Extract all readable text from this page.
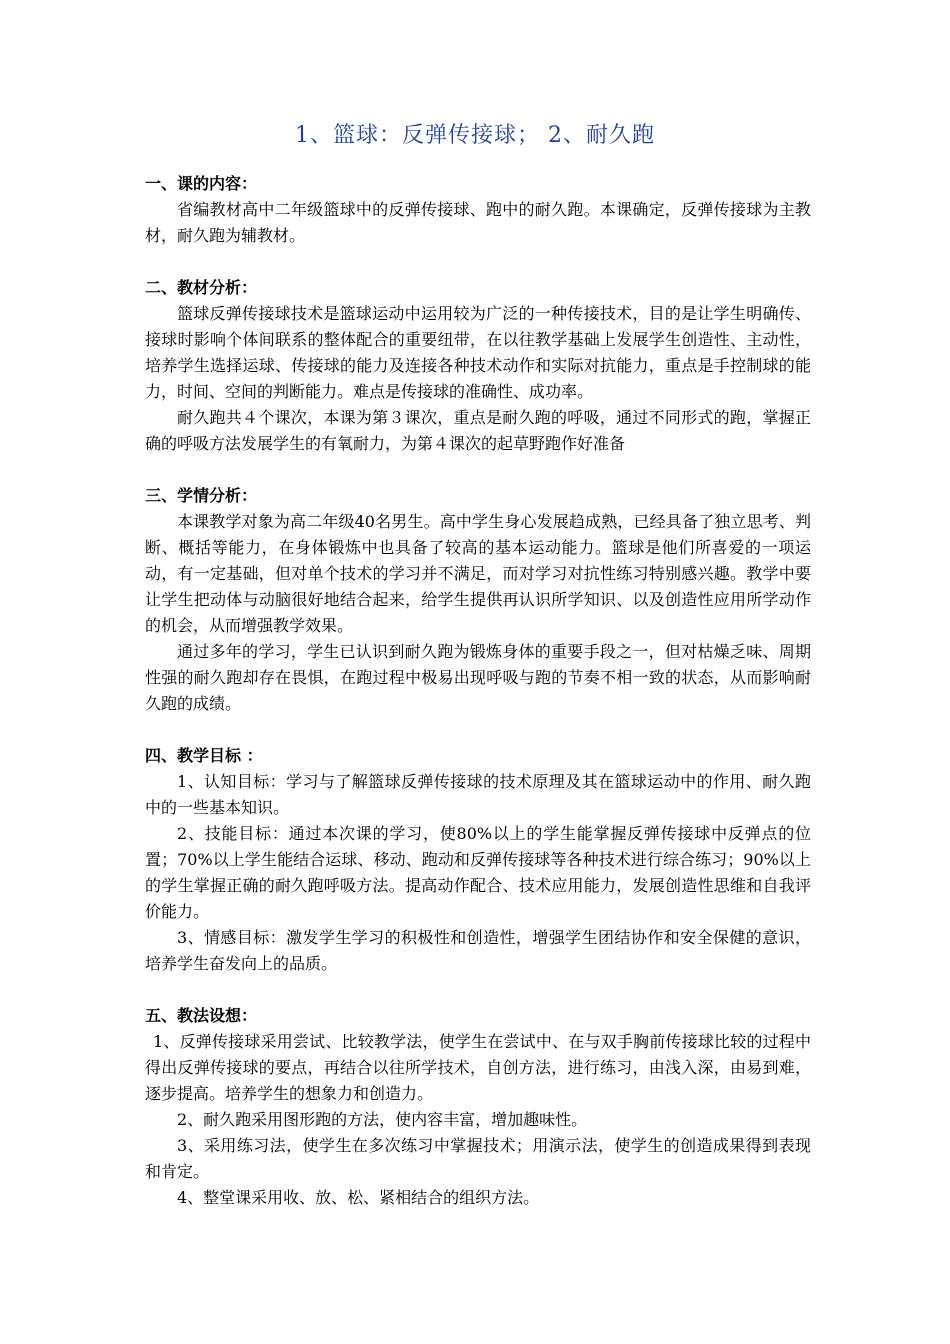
1、篮球：反弹传接球； 2、耐久跑
一、课的内容：

省编教材高中二年级篮球中的反弹传接球、跑中的耐久跑。本课确定，反弹传接球为主教材，耐久跑为辅教材。

二、教材分析：

篮球反弹传接球技术是篮球运动中运用较为广泛的一种传接技术，目的是让学生明确传、接球时影响个体间联系的整体配合的重要纽带，在以往教学基础上发展学生创造性、主动性，培养学生选择运球、传接球的能力及连接各种技术动作和实际对抗能力，重点是手控制球的能力，时间、空间的判断能力。难点是传接球的准确性、成功率。

耐久跑共４个课次，本课为第３课次，重点是耐久跑的呼吸，通过不同形式的跑，掌握正确的呼吸方法发展学生的有氧耐力，为第４课次的起草野跑作好准备

三、学情分析：

本课教学对象为高二年级40名男生。高中学生身心发展趋成熟，已经具备了独立思考、判断、概括等能力，在身体锻炼中也具备了较高的基本运动能力。篮球是他们所喜爱的一项运动，有一定基础，但对单个技术的学习并不满足，而对学习对抗性练习特别感兴趣。教学中要让学生把动体与动脑很好地结合起来，给学生提供再认识所学知识、以及创造性应用所学动作的机会，从而增强教学效果。

通过多年的学习，学生已认识到耐久跑为锻炼身体的重要手段之一，但对枯燥乏味、周期性强的耐久跑却存在畏惧，在跑过程中极易出现呼吸与跑的节奏不相一致的状态，从而影响耐久跑的成绩。

四、教学目标 ：

1、认知目标：学习与了解篮球反弹传接球的技术原理及其在篮球运动中的作用、耐久跑中的一些基本知识。

2、技能目标：通过本次课的学习，使80%以上的学生能掌握反弹传接球中反弹点的位置；70%以上学生能结合运球、移动、跑动和反弹传接球等各种技术进行综合练习；90%以上的学生掌握正确的耐久跑呼吸方法。提高动作配合、技术应用能力，发展创造性思维和自我评价能力。

3、情感目标：激发学生学习的积极性和创造性，增强学生团结协作和安全保健的意识，培养学生奋发向上的品质。

五、教法设想：

1、反弹传接球采用尝试、比较教学法，使学生在尝试中、在与双手胸前传接球比较的过程中得出反弹传接球的要点，再结合以往所学技术，自创方法，进行练习，由浅入深，由易到难，逐步提高。培养学生的想象力和创造力。

2、耐久跑采用图形跑的方法，使内容丰富，增加趣味性。

3、采用练习法，使学生在多次练习中掌握技术；用演示法，使学生的创造成果得到表现和肯定。

4、整堂课采用收、放、松、紧相结合的组织方法。
